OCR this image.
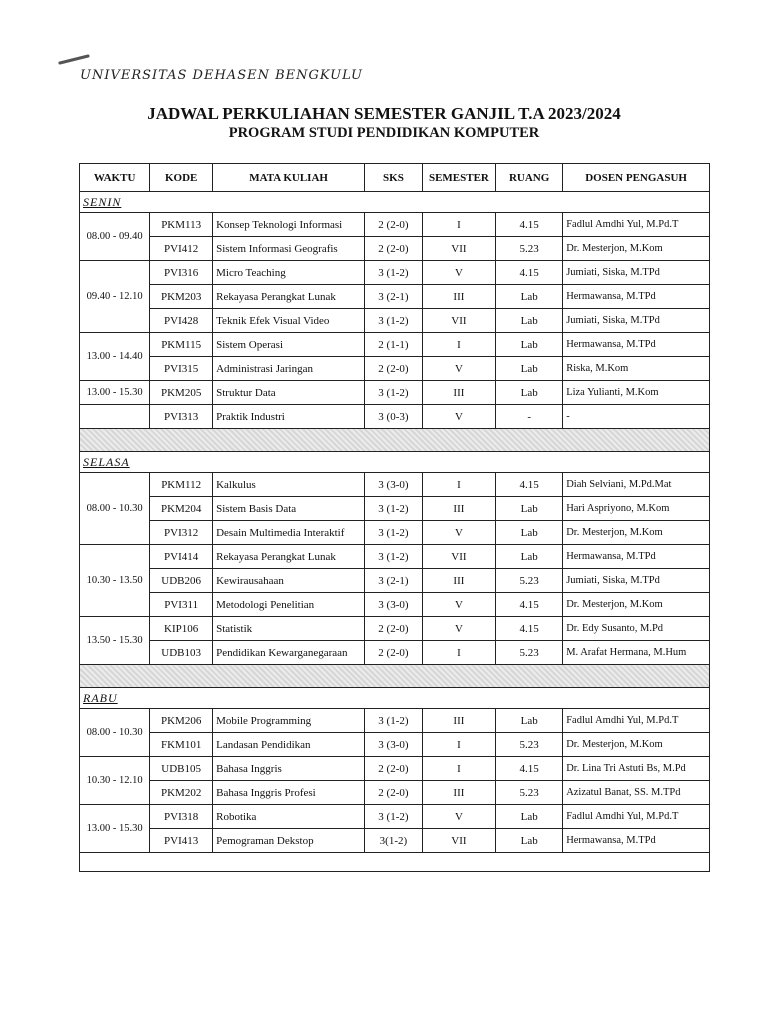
UNIVERSITAS DEHASEN BENGKULU
JADWAL PERKULIAHAN SEMESTER GANJIL T.A 2023/2024
PROGRAM STUDI PENDIDIKAN KOMPUTER
WAKTU	KODE	MATA KULIAH	SKS	SEMESTER	RUANG	DOSEN PENGASUH
SENIN						
08.00 - 09.40	PKM113	Konsep Teknologi Informasi	2 (2-0)	I	4.15	Fadlul Amdhi Yul, M.Pd.T
	PVI412	Sistem Informasi Geografis	2 (2-0)	VII	5.23	Dr. Mesterjon, M.Kom
09.40 - 12.10	PVI316	Micro Teaching	3 (1-2)	V	4.15	Jumiati, Siska, M.TPd
	PKM203	Rekayasa Perangkat Lunak	3 (2-1)	III	Lab	Hermawansa, M.TPd
	PVI428	Teknik Efek Visual Video	3 (1-2)	VII	Lab	Jumiati, Siska, M.TPd
13.00 - 14.40	PKM115	Sistem Operasi	2 (1-1)	I	Lab	Hermawansa, M.TPd
	PVI315	Administrasi Jaringan	2 (2-0)	V	Lab	Riska, M.Kom
13.00 - 15.30	PKM205	Struktur Data	3 (1-2)	III	Lab	Liza Yulianti, M.Kom
	PVI313	Praktik Industri	3 (0-3)	V	-	-

SELASA						
08.00 - 10.30	PKM112	Kalkulus	3 (3-0)	I	4.15	Diah Selviani, M.Pd.Mat
	PKM204	Sistem Basis Data	3 (1-2)	III	Lab	Hari Aspriyono, M.Kom
	PVI312	Desain Multimedia Interaktif	3 (1-2)	V	Lab	Dr. Mesterjon, M.Kom
10.30 - 13.50	PVI414	Rekayasa Perangkat Lunak	3 (1-2)	VII	Lab	Hermawansa, M.TPd
	UDB206	Kewirausahaan	3 (2-1)	III	5.23	Jumiati, Siska, M.TPd
	PVI311	Metodologi Penelitian	3 (3-0)	V	4.15	Dr. Mesterjon, M.Kom
13.50 - 15.30	KIP106	Statistik	2 (2-0)	V	4.15	Dr. Edy Susanto, M.Pd
	UDB103	Pendidikan Kewarganegaraan	2 (2-0)	I	5.23	M. Arafat Hermana, M.Hum

RABU						
08.00 - 10.30	PKM206	Mobile Programming	3 (1-2)	III	Lab	Fadlul Amdhi Yul, M.Pd.T
	FKM101	Landasan Pendidikan	3 (3-0)	I	5.23	Dr. Mesterjon, M.Kom
10.30 - 12.10	UDB105	Bahasa Inggris	2 (2-0)	I	4.15	Dr. Lina Tri Astuti Bs, M.Pd
	PKM202	Bahasa Inggris Profesi	2 (2-0)	III	5.23	Azizatul Banat, SS. M.TPd
13.00 - 15.30	PVI318	Robotika	3 (1-2)	V	Lab	Fadlul Amdhi Yul, M.Pd.T
	PVI413	Pemograman Dekstop	3(1-2)	VII	Lab	Hermawansa, M.TPd
